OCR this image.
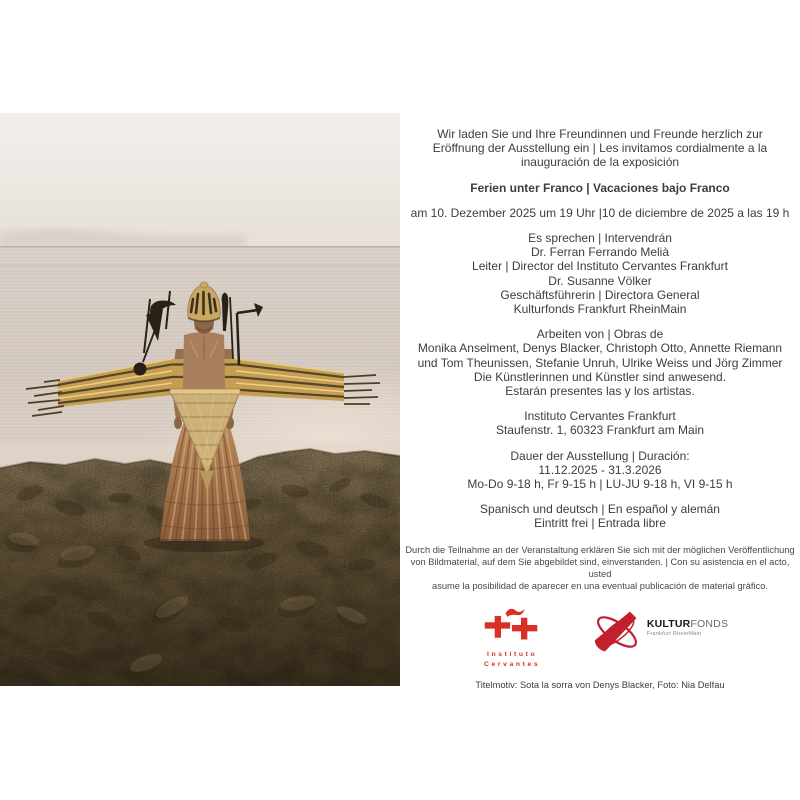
Wir laden Sie und Ihre Freundinnen und Freunde herzlich zur
Eröffnung der Ausstellung ein | Les invitamos cordialmente a la
inauguración de la exposición

Ferien unter Franco | Vacaciones bajo Franco

am 10. Dezember 2025 um 19 Uhr |10 de diciembre de 2025 a las 19 h

Es sprechen | Intervendrán
Dr. Ferran Ferrando Melià
Leiter | Director del Instituto Cervantes Frankfurt
Dr. Susanne Völker
Geschäftsführerin | Directora General
Kulturfonds Frankfurt RheinMain

Arbeiten von | Obras de
Monika Anselment, Denys Blacker, Christoph Otto, Annette Riemann
und Tom Theunissen, Stefanie Unruh, Ulrike Weiss und Jörg Zimmer
Die Künstlerinnen und Künstler sind anwesend.
Estarán presentes las y los artistas.

Instituto Cervantes Frankfurt
Staufenstr. 1, 60323 Frankfurt am Main

Dauer der Ausstellung | Duración:
11.12.2025 - 31.3.2026
Mo-Do 9-18 h, Fr 9-15 h | LU-JU 9-18 h, VI 9-15 h

Spanisch und deutsch | En español y alemán
Eintritt frei | Entrada libre

Durch die Teilnahme an der Veranstaltung erklären Sie sich mit der möglichen Veröffentlichung
von Bildmaterial, auf dem Sie abgebildet sind, einverstanden. | Con su asistencia en el acto, usted
asume la posibilidad de aparecer en una eventual publicación de material gráfico.

Instituto
Cervantes
KULTURFONDS
Frankfurt RheinMain

Titelmotiv: Sota la sorra von Denys Blacker, Foto: Nia Delfau
